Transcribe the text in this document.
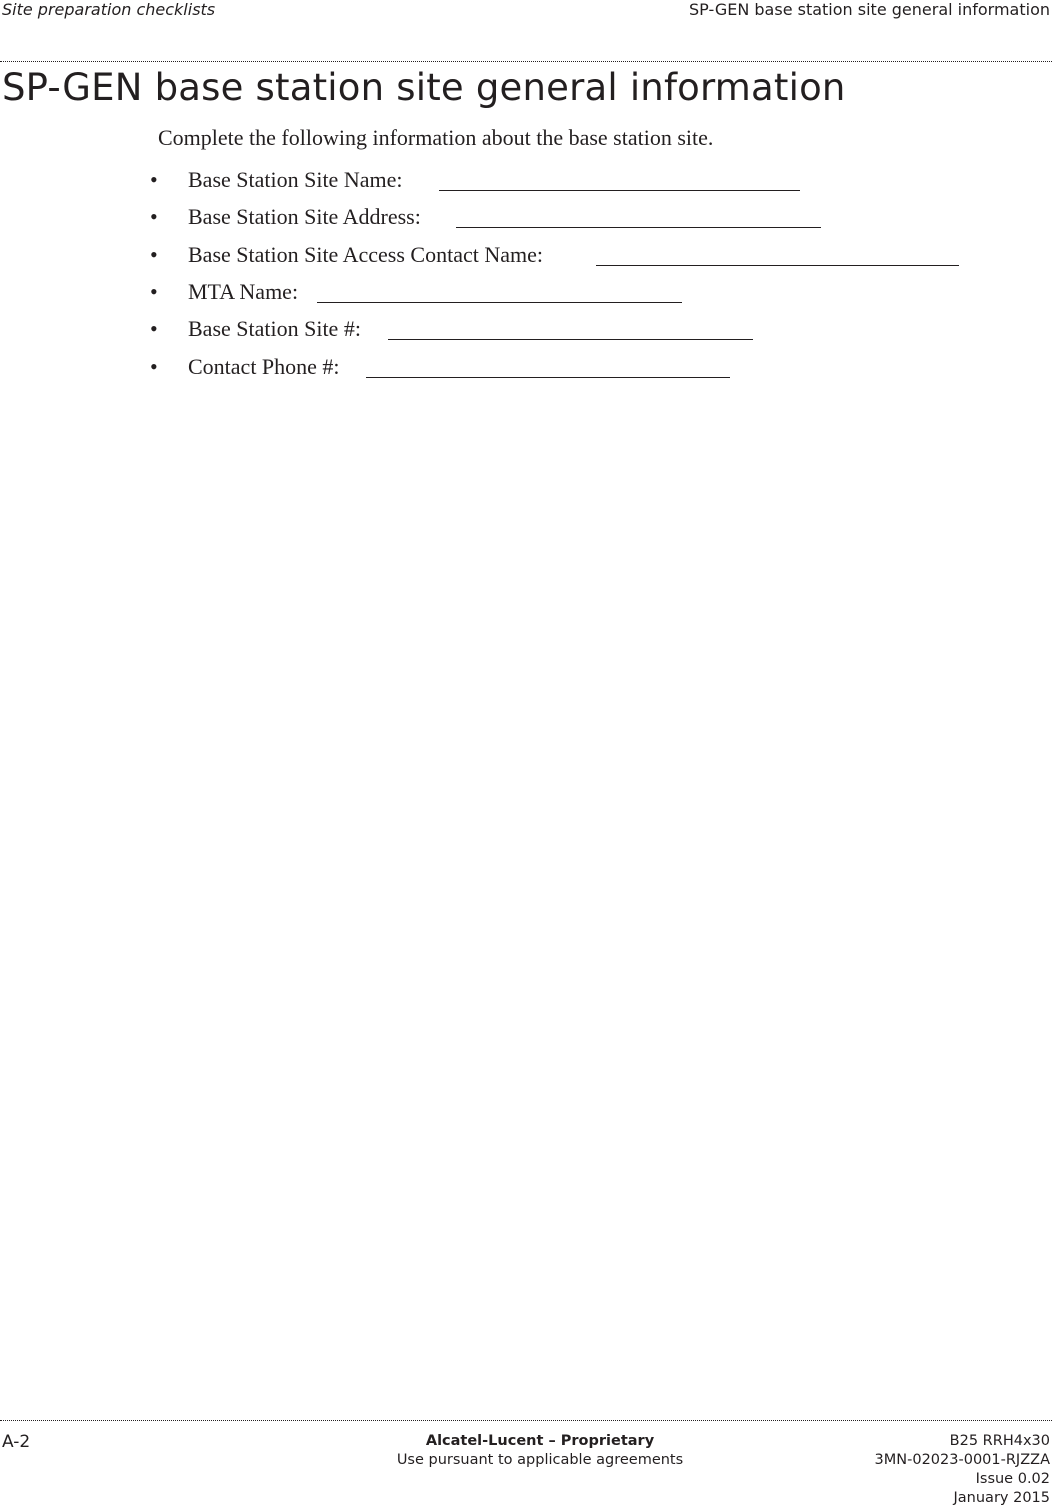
Site preparation checklists	SP-GEN base station site general information
SP-GEN base station site general information

Complete the following information about the base station site.

• Base Station Site Name:
• Base Station Site Address:
• Base Station Site Access Contact Name:
• MTA Name:
• Base Station Site #:
• Contact Phone #:
A-2	Alcatel-Lucent – Proprietary
Use pursuant to applicable agreements
B25 RRH4x30
3MN-02023-0001-RJZZA
Issue 0.02
January 2015
